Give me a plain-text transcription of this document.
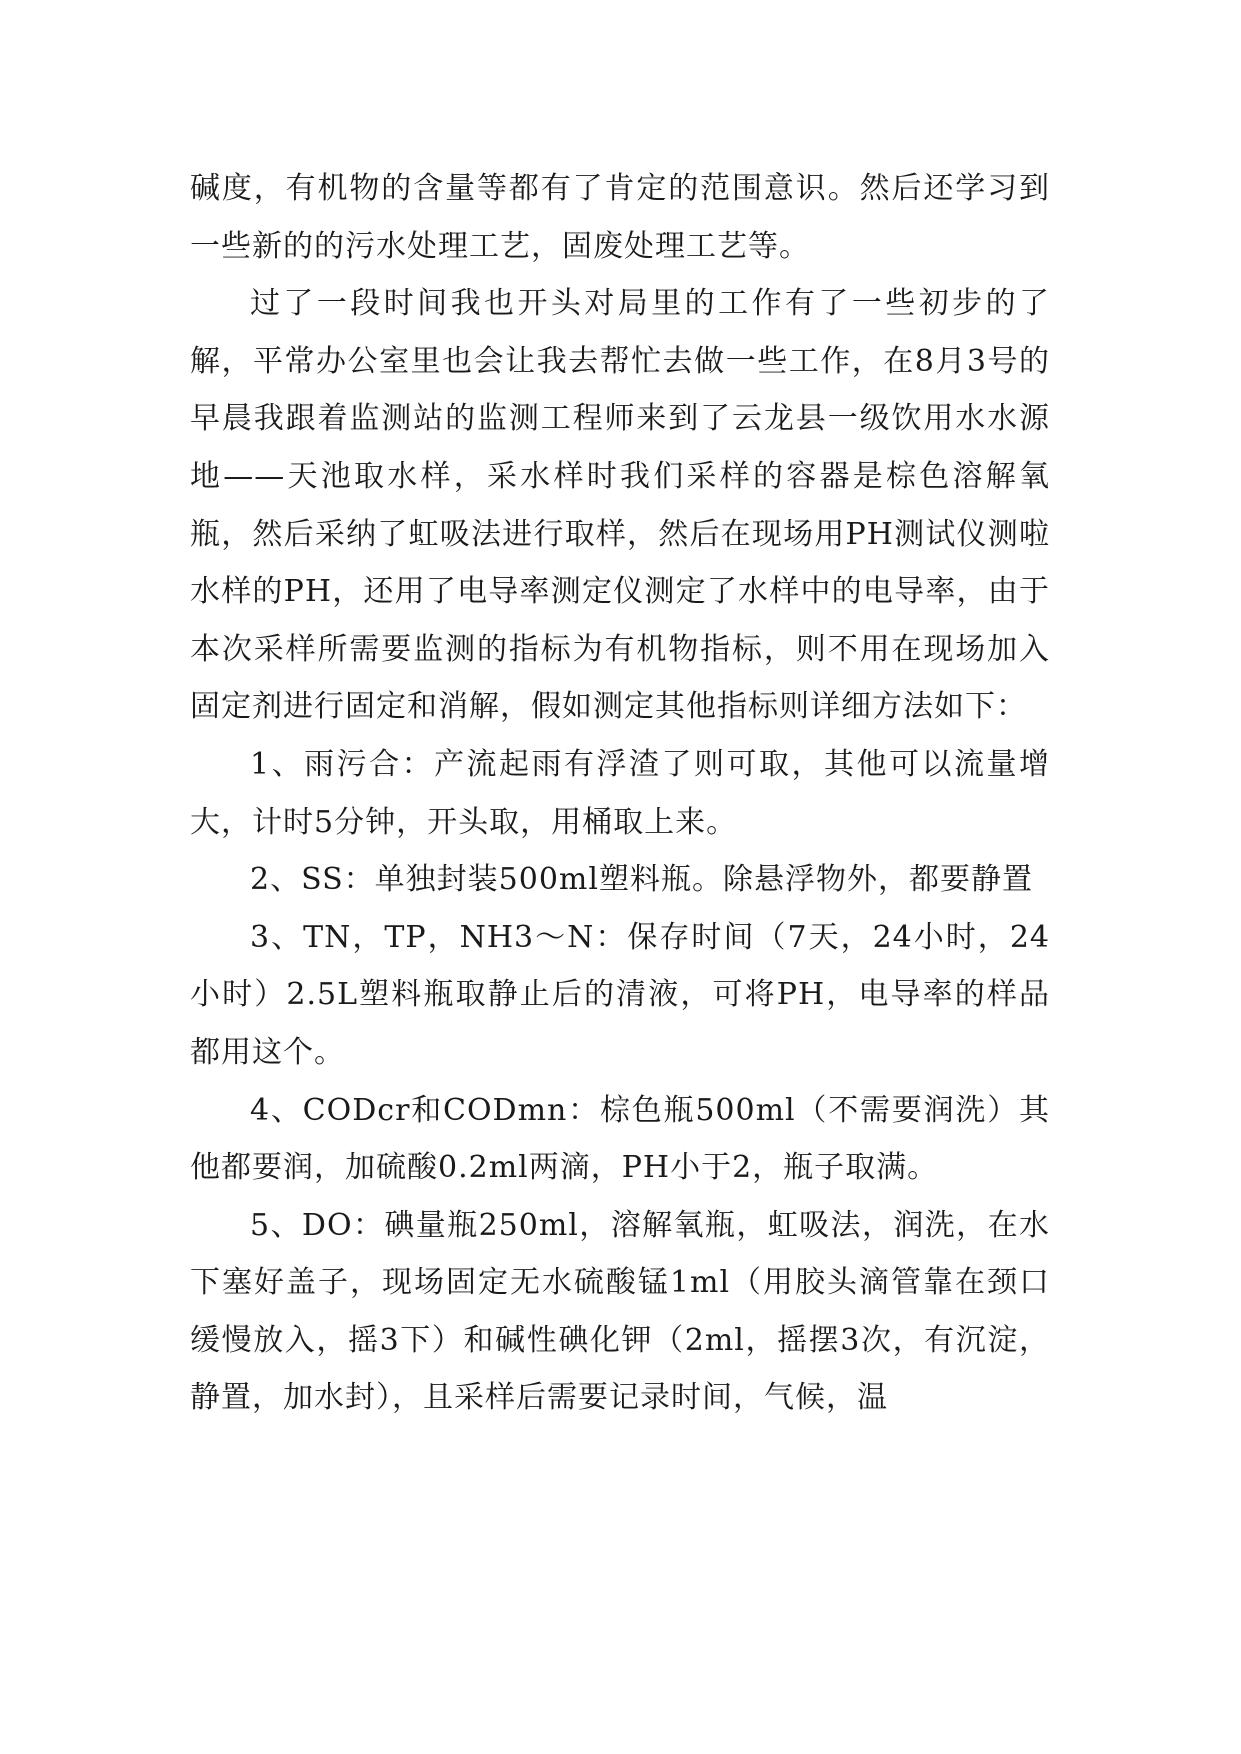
碱度，有机物的含量等都有了肯定的范围意识。然后还学习到一些新的的污水处理工艺，固废处理工艺等。

过了一段时间我也开头对局里的工作有了一些初步的了解，平常办公室里也会让我去帮忙去做一些工作，在8月3号的早晨我跟着监测站的监测工程师来到了云龙县一级饮用水水源地——天池取水样，采水样时我们采样的容器是棕色溶解氧瓶，然后采纳了虹吸法进行取样，然后在现场用PH测试仪测啦水样的PH，还用了电导率测定仪测定了水样中的电导率，由于本次采样所需要监测的指标为有机物指标，则不用在现场加入固定剂进行固定和消解，假如测定其他指标则详细方法如下：

1、雨污合：产流起雨有浮渣了则可取，其他可以流量增大，计时5分钟，开头取，用桶取上来。

2、SS：单独封装500ml塑料瓶。除悬浮物外，都要静置

3、TN，TP，NH3～N：保存时间（7天，24小时，24小时）2.5L塑料瓶取静止后的清液，可将PH，电导率的样品都用这个。

4、CODcr和CODmn：棕色瓶500ml（不需要润洗）其他都要润，加硫酸0.2ml两滴，PH小于2，瓶子取满。

5、DO：碘量瓶250ml，溶解氧瓶，虹吸法，润洗，在水下塞好盖子，现场固定无水硫酸锰1ml（用胶头滴管靠在颈口缓慢放入，摇3下）和碱性碘化钾（2ml，摇摆3次，有沉淀，静置，加水封），且采样后需要记录时间，气候，温
